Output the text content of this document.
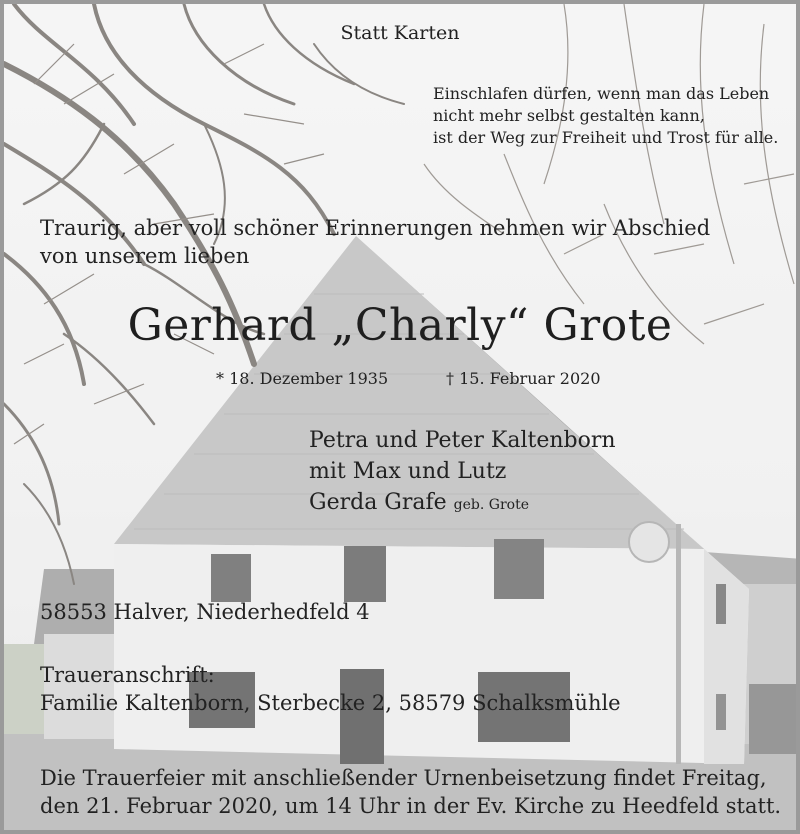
Statt Karten

Einschlafen dürfen, wenn man das Leben
nicht mehr selbst gestalten kann,
ist der Weg zur Freiheit und Trost für alle.

Traurig, aber voll schöner Erinnerungen nehmen wir Abschied
von unserem lieben

Gerhard „Charly“ Grote

* 18. Dezember 1935	† 15. Februar 2020

Petra und Peter Kaltenborn
mit Max und Lutz
Gerda Grafe geb. Grote

58553 Halver, Niederhedfeld 4

Traueranschrift:
Familie Kaltenborn, Sterbecke 2, 58579 Schalksmühle

Die Trauerfeier mit anschließender Urnenbeisetzung findet Freitag,
den 21. Februar 2020, um 14 Uhr in der Ev. Kirche zu Heedfeld statt.
